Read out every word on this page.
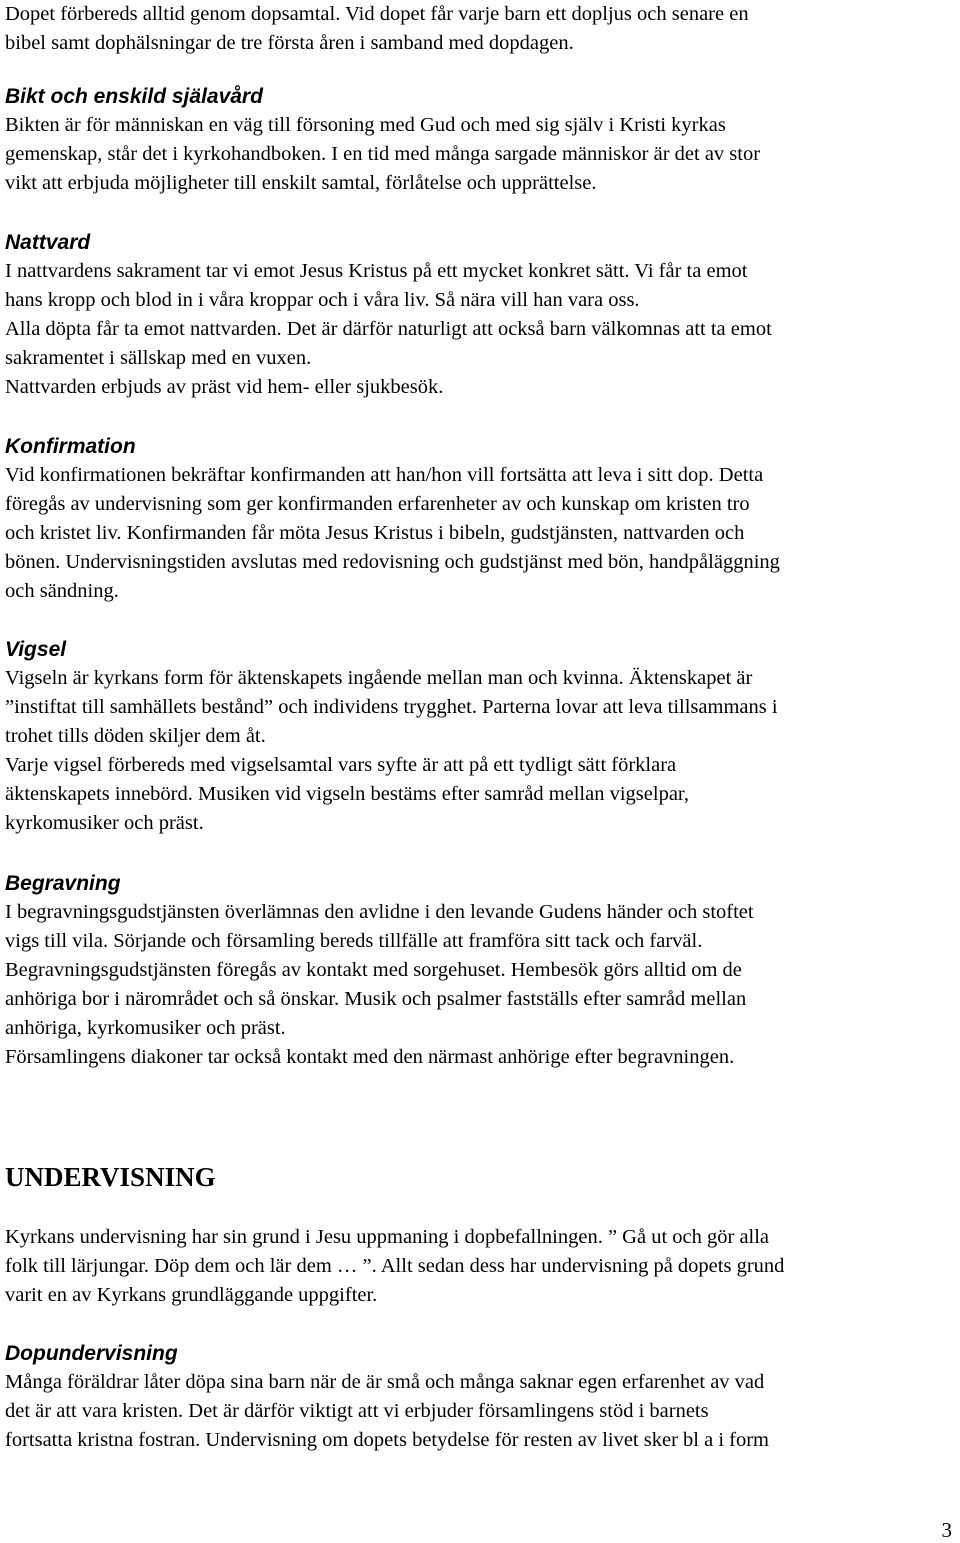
Dopet förbereds alltid genom dopsamtal. Vid dopet får varje barn ett dopljus och senare en
bibel samt dophälsningar de tre första åren i samband med dopdagen.
Bikt och enskild själavård
Bikten är för människan en väg till försoning med Gud och med sig själv i Kristi kyrkas
gemenskap, står det i kyrkohandboken. I en tid med många sargade människor är det av stor
vikt att erbjuda möjligheter till enskilt samtal, förlåtelse och upprättelse.
Nattvard
I nattvardens sakrament tar vi emot Jesus Kristus på ett mycket konkret sätt. Vi får ta emot
hans kropp och blod in i våra kroppar och i våra liv. Så nära vill han vara oss.
Alla döpta får ta emot nattvarden. Det är därför naturligt att också barn välkomnas att ta emot
sakramentet i sällskap med en vuxen.
Nattvarden erbjuds av präst vid hem- eller sjukbesök.
Konfirmation
Vid konfirmationen bekräftar konfirmanden att han/hon vill fortsätta att leva i sitt dop. Detta
föregås av undervisning som ger konfirmanden erfarenheter av och kunskap om kristen tro
och kristet liv. Konfirmanden får möta Jesus Kristus i bibeln, gudstjänsten, nattvarden och
bönen. Undervisningstiden avslutas med redovisning och gudstjänst med bön, handpåläggning
och sändning.
Vigsel
Vigseln är kyrkans form för äktenskapets ingående mellan man och kvinna. Äktenskapet är
”instiftat till samhällets bestånd” och individens trygghet. Parterna lovar att leva tillsammans i
trohet tills döden skiljer dem åt.
Varje vigsel förbereds med vigselsamtal vars syfte är att på ett tydligt sätt förklara
äktenskapets innebörd. Musiken vid vigseln bestäms efter samråd mellan vigselpar,
kyrkomusiker och präst.
Begravning
I begravningsgudstjänsten överlämnas den avlidne i den levande Gudens händer och stoftet
vigs till vila. Sörjande och församling bereds tillfälle att framföra sitt tack och farväl.
Begravningsgudstjänsten föregås av kontakt med sorgehuset. Hembesök görs alltid om de
anhöriga bor i närområdet och så önskar. Musik och psalmer fastställs efter samråd mellan
anhöriga, kyrkomusiker och präst.
Församlingens diakoner tar också kontakt med den närmast anhörige efter begravningen.
UNDERVISNING
Kyrkans undervisning har sin grund i Jesu uppmaning i dopbefallningen. ” Gå ut och gör alla
folk till lärjungar. Döp dem och lär dem … ”. Allt sedan dess har undervisning på dopets grund
varit en av Kyrkans grundläggande uppgifter.
Dopundervisning
Många föräldrar låter döpa sina barn när de är små och många saknar egen erfarenhet av vad
det är att vara kristen. Det är därför viktigt att vi erbjuder församlingens stöd i barnets
fortsatta kristna fostran. Undervisning om dopets betydelse för resten av livet sker bl a i form
3
